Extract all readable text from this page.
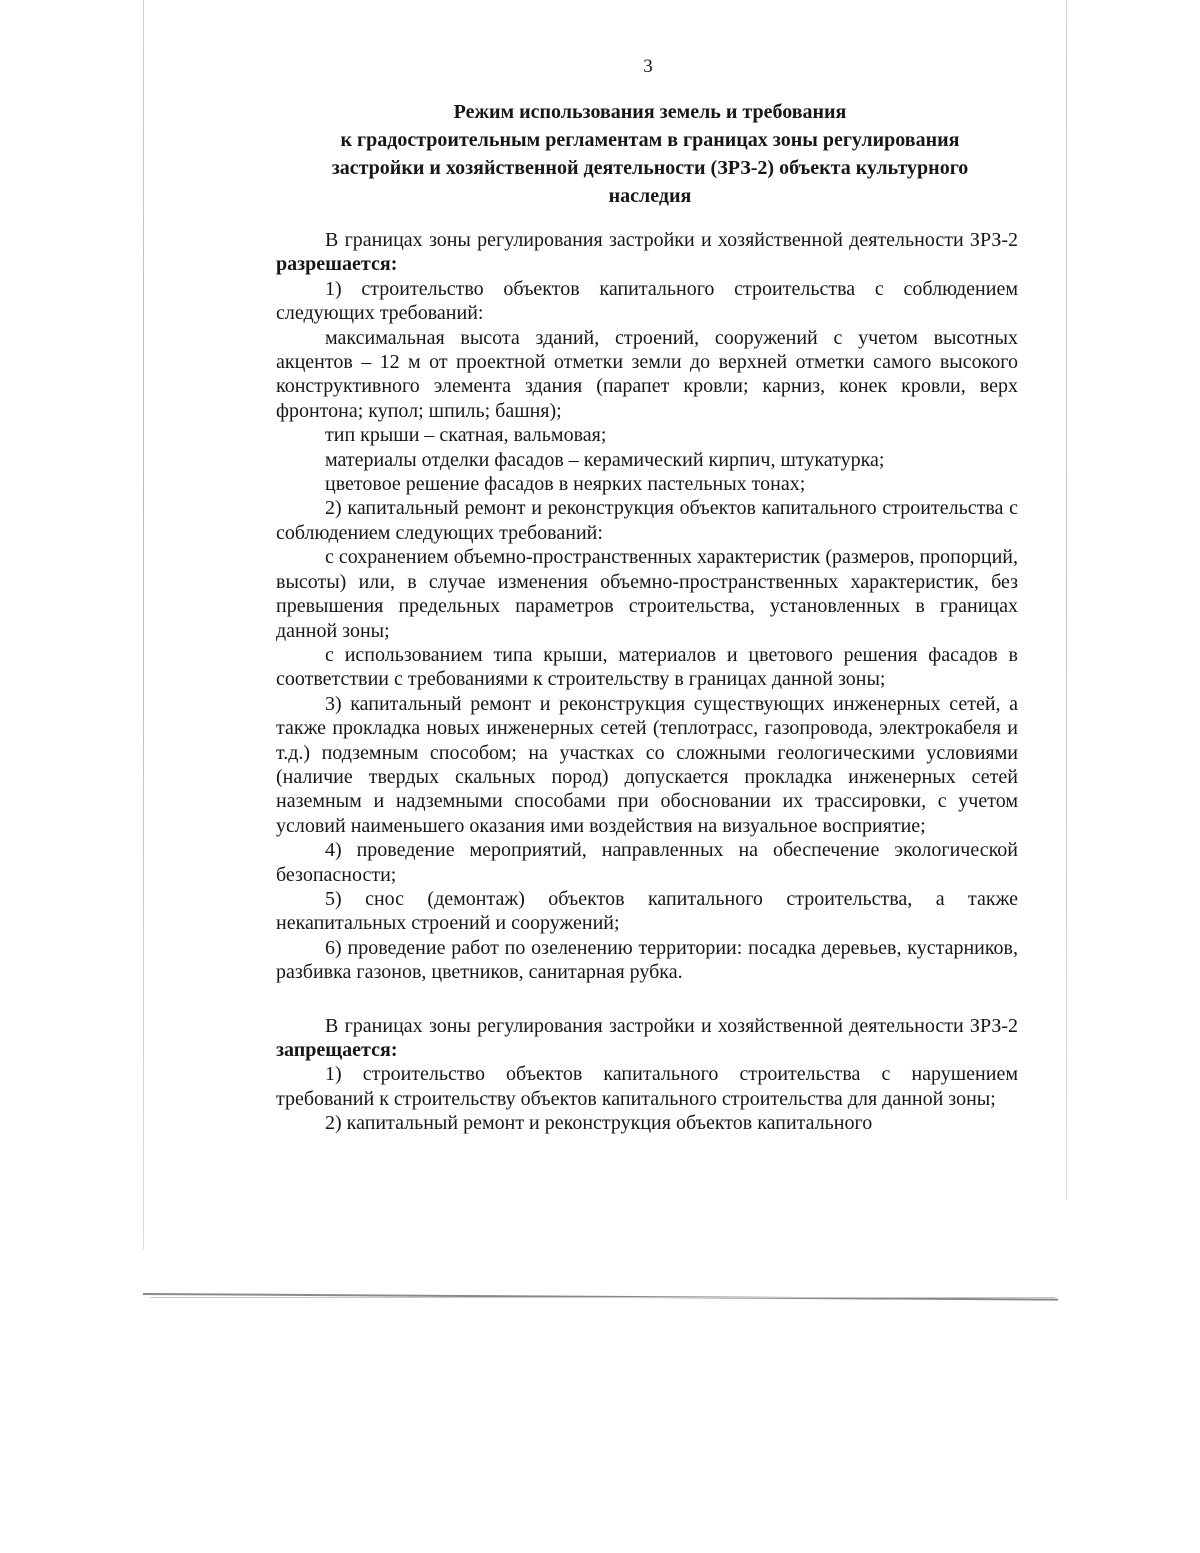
3
Режим использования земель и требования
к градостроительным регламентам в границах зоны регулирования
застройки и хозяйственной деятельности (ЗРЗ-2) объекта культурного
наследия

В границах зоны регулирования застройки и хозяйственной деятельности ЗРЗ-2 разрешается:

1) строительство объектов капитального строительства с соблюдением следующих требований:

максимальная высота зданий, строений, сооружений с учетом высотных акцентов – 12 м от проектной отметки земли до верхней отметки самого высокого конструктивного элемента здания (парапет кровли; карниз, конек кровли, верх фронтона; купол; шпиль; башня);

тип крыши – скатная, вальмовая;

материалы отделки фасадов – керамический кирпич, штукатурка;

цветовое решение фасадов в неярких пастельных тонах;

2) капитальный ремонт и реконструкция объектов капитального строительства с соблюдением следующих требований:

с сохранением объемно-пространственных характеристик (размеров, пропорций, высоты) или, в случае изменения объемно-пространственных характеристик, без превышения предельных параметров строительства, установленных в границах данной зоны;

с использованием типа крыши, материалов и цветового решения фасадов в соответствии с требованиями к строительству в границах данной зоны;

3) капитальный ремонт и реконструкция существующих инженерных сетей, а также прокладка новых инженерных сетей (теплотрасс, газопровода, электрокабеля и т.д.) подземным способом; на участках со сложными геологическими условиями (наличие твердых скальных пород) допускается прокладка инженерных сетей наземным и надземными способами при обосновании их трассировки, с учетом условий наименьшего оказания ими воздействия на визуальное восприятие;

4) проведение мероприятий, направленных на обеспечение экологической безопасности;

5) снос (демонтаж) объектов капитального строительства, а также некапитальных строений и сооружений;

6) проведение работ по озеленению территории: посадка деревьев, кустарников, разбивка газонов, цветников, санитарная рубка.

В границах зоны регулирования застройки и хозяйственной деятельности ЗРЗ-2 запрещается:

1) строительство объектов капитального строительства с нарушением требований к строительству объектов капитального строительства для данной зоны;

2) капитальный ремонт и реконструкция объектов капитального
